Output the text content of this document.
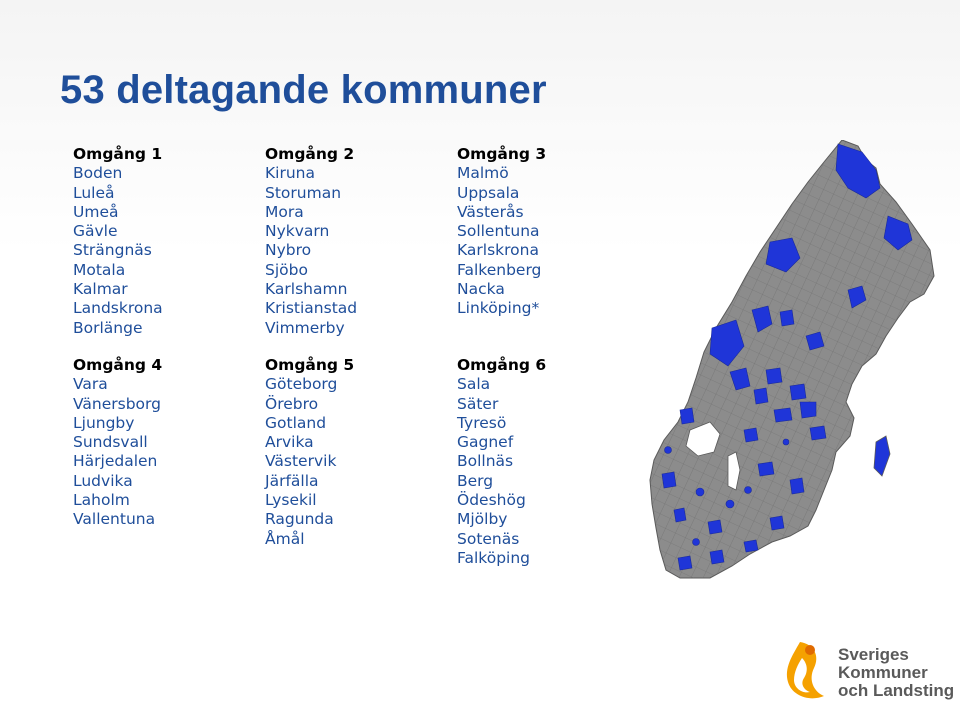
53 deltagande kommuner
Omgång 1
Boden
Luleå
Umeå
Gävle
Strängnäs
Motala
Kalmar
Landskrona
Borlänge
Omgång 2
Kiruna
Storuman
Mora
Nykvarn
Nybro
Sjöbo
Karlshamn
Kristianstad
Vimmerby
Omgång 3
Malmö
Uppsala
Västerås
Sollentuna
Karlskrona
Falkenberg
Nacka
Linköping*
Omgång 4
Vara
Vänersborg
Ljungby
Sundsvall
Härjedalen
Ludvika
Laholm
Vallentuna
Omgång 5
Göteborg
Örebro
Gotland
Arvika
Västervik
Järfälla
Lysekil
Ragunda
Åmål
Omgång 6
Sala
Säter
Tyresö
Gagnef
Bollnäs
Berg
Ödeshög
Mjölby
Sotenäs
Falköping
Sveriges
Kommuner
och Landsting
